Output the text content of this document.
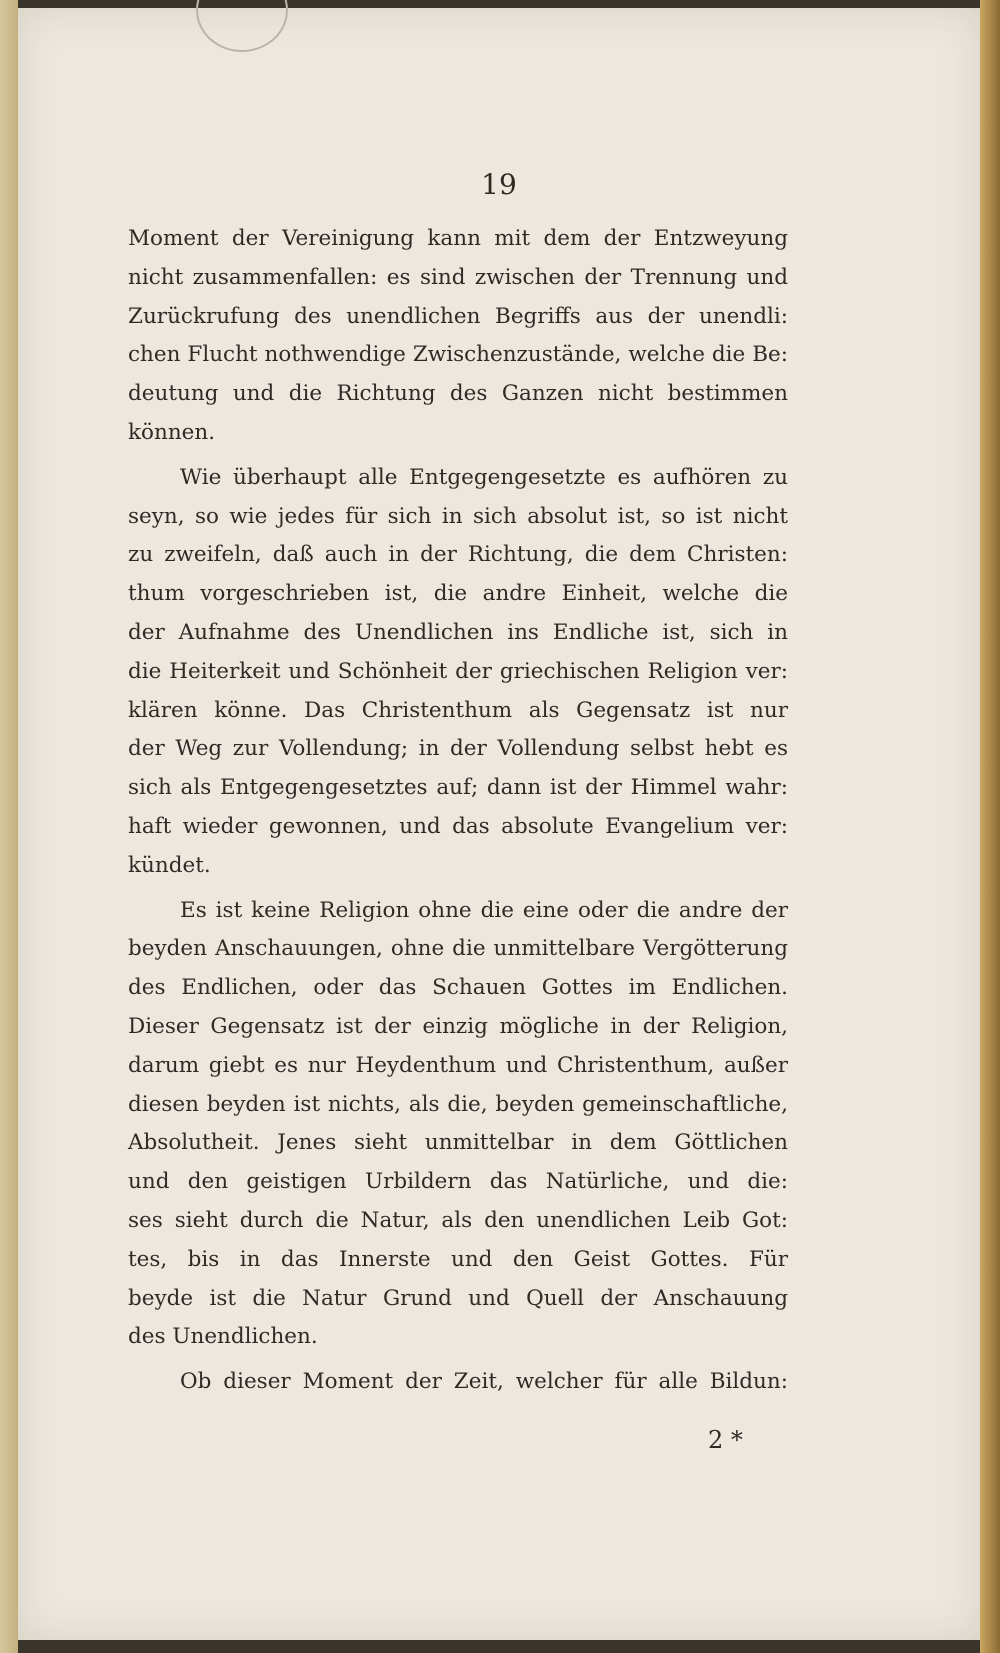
19
Moment der Vereinigung kann mit dem der Entzweyung
nicht zusammenfallen: es sind zwischen der Trennung und
Zurückrufung des unendlichen Begriffs aus der unendli:
chen Flucht nothwendige Zwischenzustände, welche die Be:
deutung und die Richtung des Ganzen nicht bestimmen
können.
Wie überhaupt alle Entgegengesetzte es aufhören zu
seyn, so wie jedes für sich in sich absolut ist, so ist nicht
zu zweifeln, daß auch in der Richtung, die dem Christen:
thum vorgeschrieben ist, die andre Einheit, welche die
der Aufnahme des Unendlichen ins Endliche ist, sich in
die Heiterkeit und Schönheit der griechischen Religion ver:
klären könne. Das Christenthum als Gegensatz ist nur
der Weg zur Vollendung; in der Vollendung selbst hebt es
sich als Entgegengesetztes auf; dann ist der Himmel wahr:
haft wieder gewonnen, und das absolute Evangelium ver:
kündet.
Es ist keine Religion ohne die eine oder die andre der
beyden Anschauungen, ohne die unmittelbare Vergötterung
des Endlichen, oder das Schauen Gottes im Endlichen.
Dieser Gegensatz ist der einzig mögliche in der Religion,
darum giebt es nur Heydenthum und Christenthum, außer
diesen beyden ist nichts, als die, beyden gemeinschaftliche,
Absolutheit. Jenes sieht unmittelbar in dem Göttlichen
und den geistigen Urbildern das Natürliche, und die:
ses sieht durch die Natur, als den unendlichen Leib Got:
tes, bis in das Innerste und den Geist Gottes. Für
beyde ist die Natur Grund und Quell der Anschauung
des Unendlichen.
Ob dieser Moment der Zeit, welcher für alle Bildun:
2 *
